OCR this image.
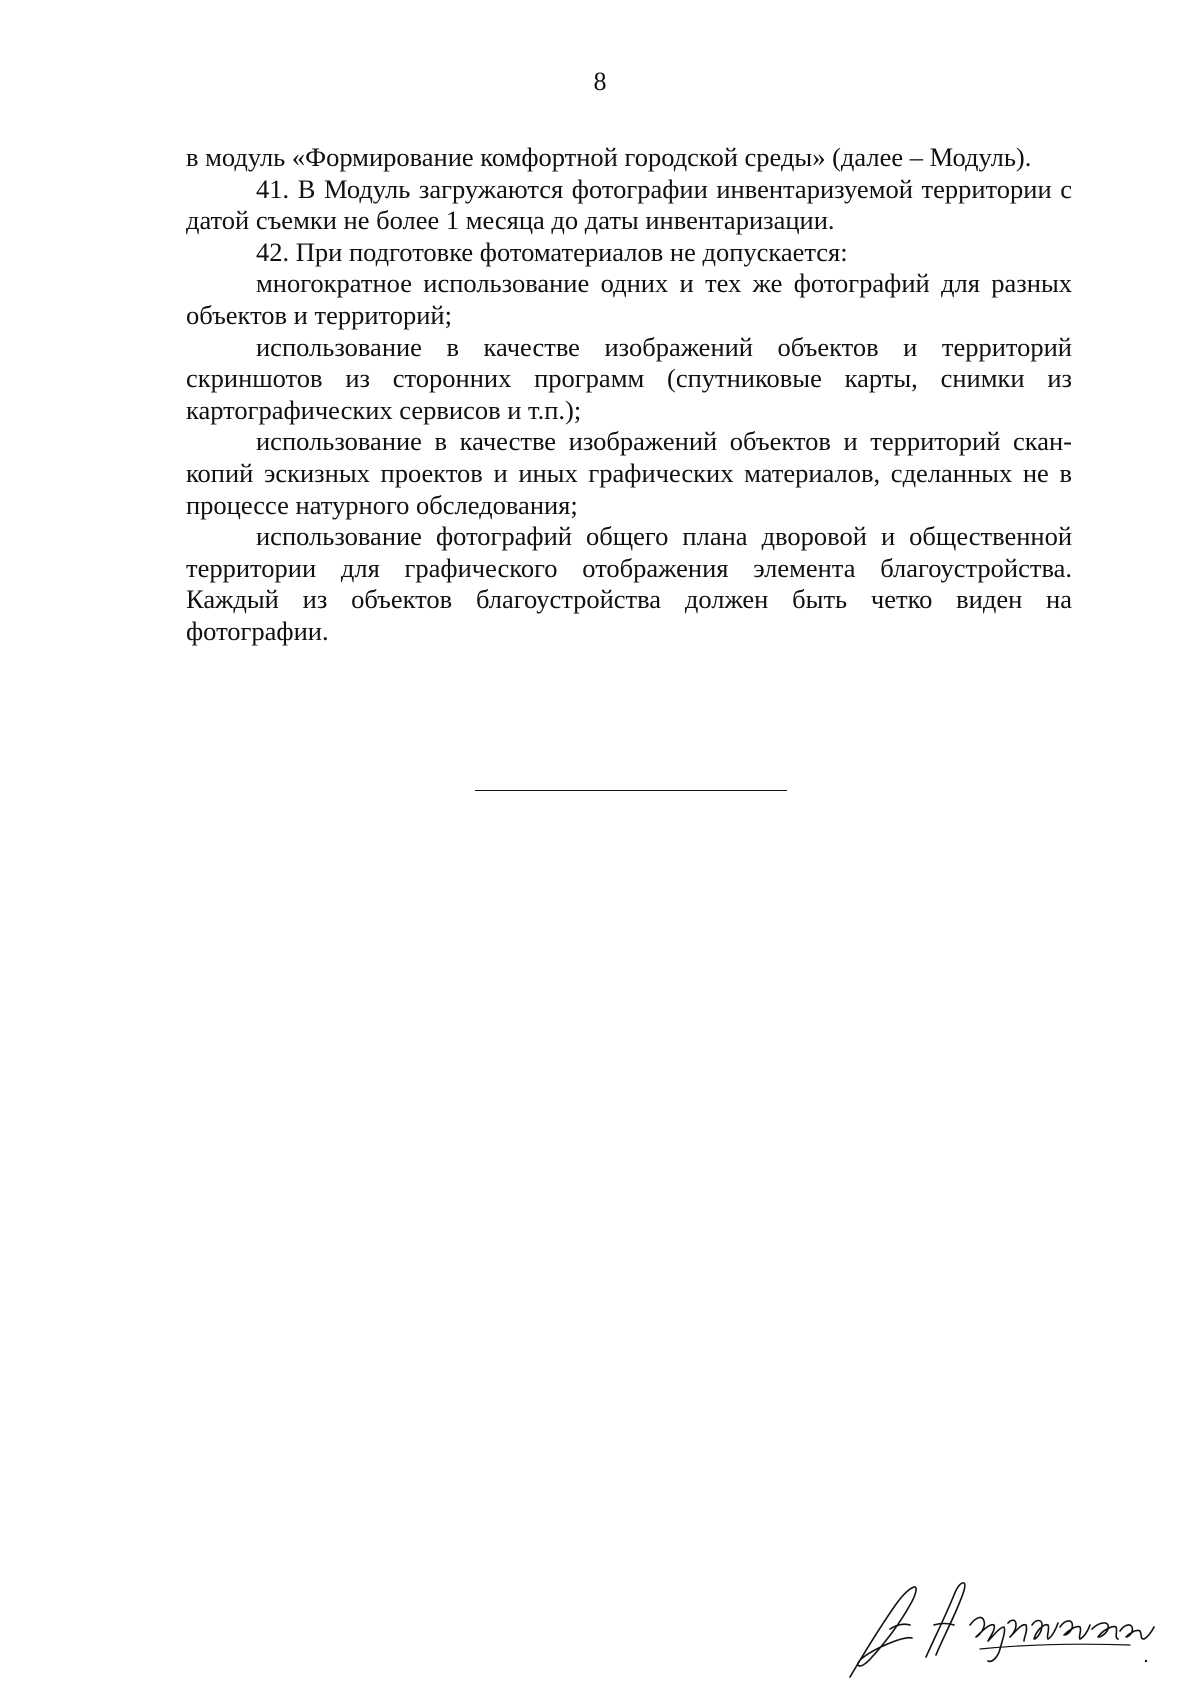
8

в модуль «Формирование комфортной городской среды» (далее – Модуль).

41. В Модуль загружаются фотографии инвентаризуемой территории с датой съемки не более 1 месяца до даты инвентаризации.

42. При подготовке фотоматериалов не допускается:

многократное использование одних и тех же фотографий для разных объектов и территорий;

использование в качестве изображений объектов и территорий скриншотов из сторонних программ (спутниковые карты, снимки из картографических сервисов и т.п.);

использование в качестве изображений объектов и территорий скан-копий эскизных проектов и иных графических материалов, сделанных не в процессе натурного обследования;

использование фотографий общего плана дворовой и общественной территории для графического отображения элемента благоустройства. Каждый из объектов благоустройства должен быть четко виден на фотографии.
